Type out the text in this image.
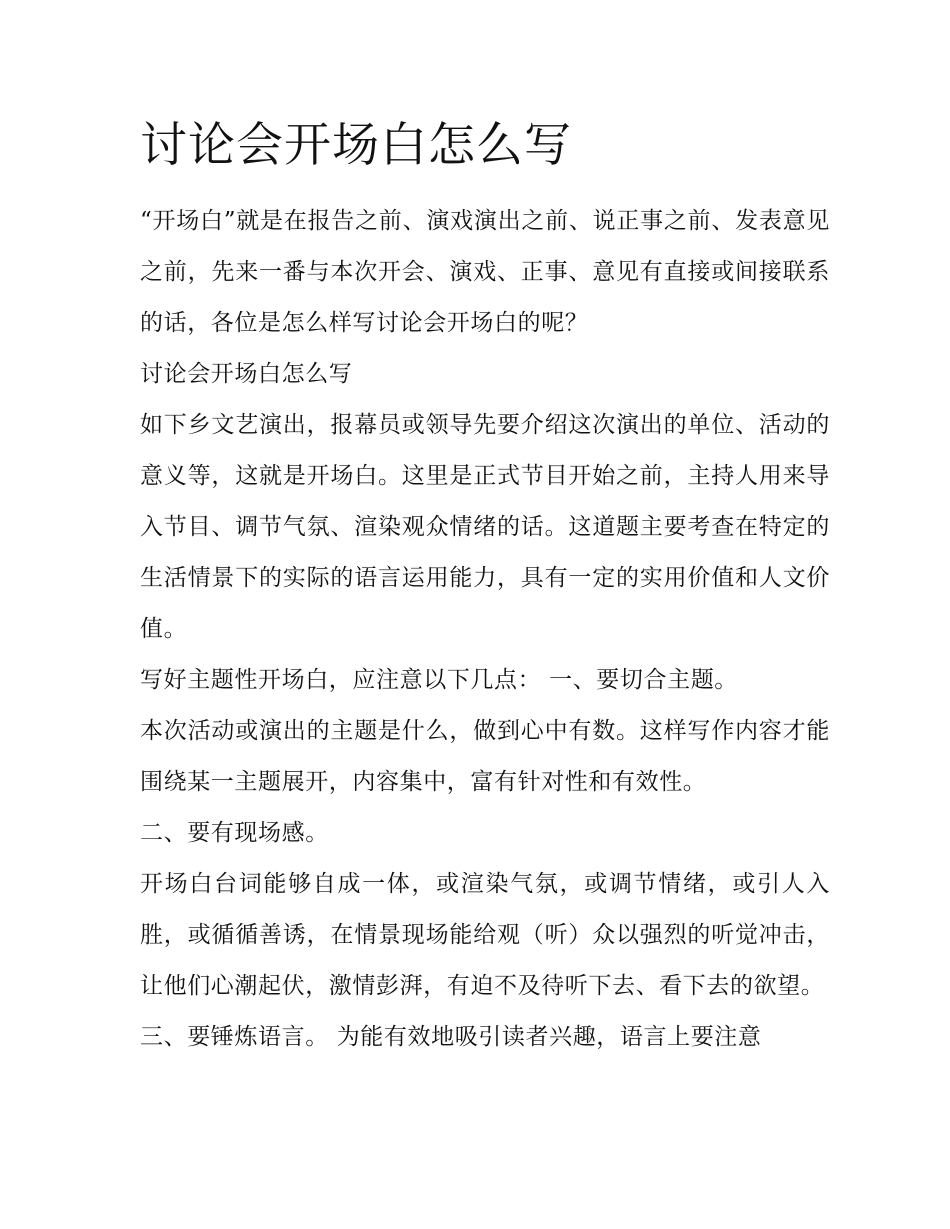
讨论会开场白怎么写

“开场白”就是在报告之前、演戏演出之前、说正事之前、发表意见之前，先来一番与本次开会、演戏、正事、意见有直接或间接联系的话，各位是怎么样写讨论会开场白的呢？

讨论会开场白怎么写

如下乡文艺演出，报幕员或领导先要介绍这次演出的单位、活动的意义等，这就是开场白。这里是正式节目开始之前，主持人用来导入节目、调节气氛、渲染观众情绪的话。这道题主要考查在特定的生活情景下的实际的语言运用能力，具有一定的实用价值和人文价值。

写好主题性开场白，应注意以下几点： 一、要切合主题。

本次活动或演出的主题是什么，做到心中有数。这样写作内容才能围绕某一主题展开，内容集中，富有针对性和有效性。

二、要有现场感。

开场白台词能够自成一体，或渲染气氛，或调节情绪，或引人入胜，或循循善诱，在情景现场能给观（听）众以强烈的听觉冲击，让他们心潮起伏，激情彭湃，有迫不及待听下去、看下去的欲望。

三、要锤炼语言。 为能有效地吸引读者兴趣，语言上要注意
